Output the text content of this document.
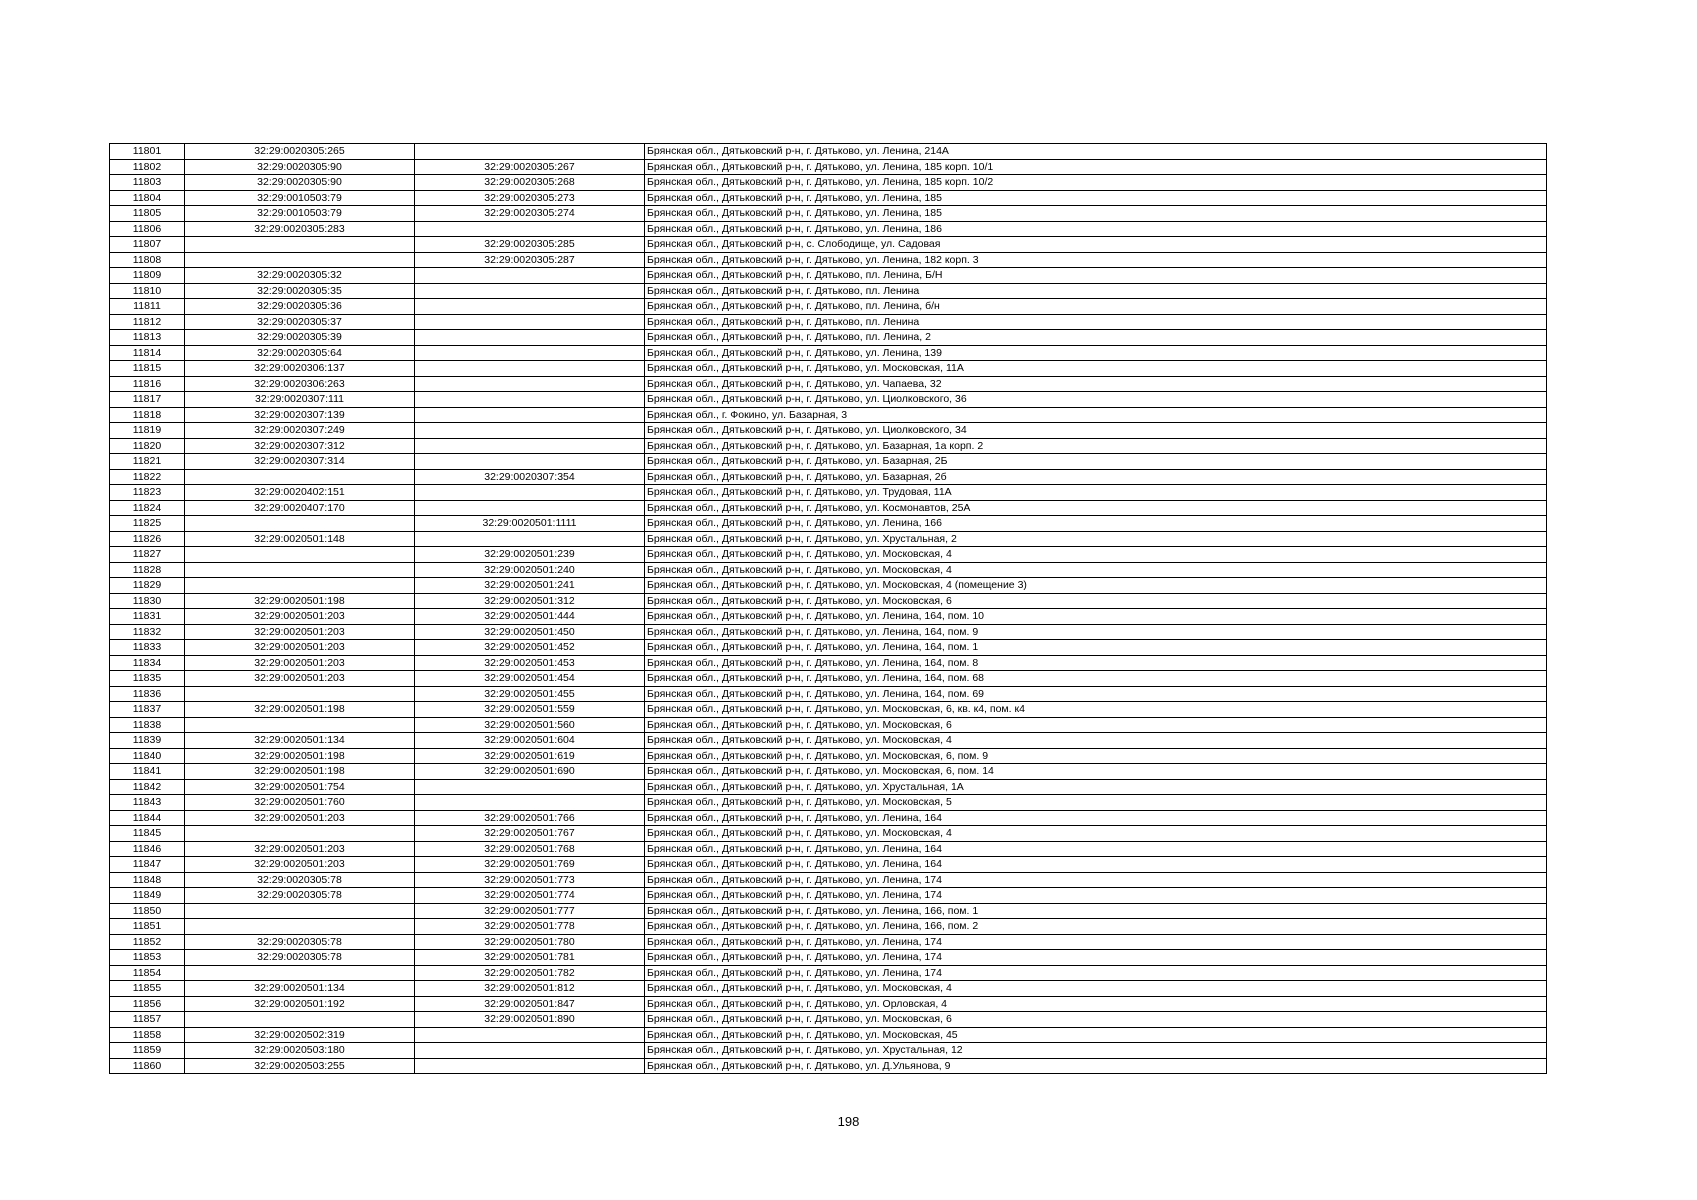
11801	32:29:0020305:265		Брянская обл., Дятьковский р-н, г. Дятьково, ул. Ленина, 214А
11802	32:29:0020305:90	32:29:0020305:267	Брянская обл., Дятьковский р-н, г. Дятьково, ул. Ленина, 185 корп. 10/1
11803	32:29:0020305:90	32:29:0020305:268	Брянская обл., Дятьковский р-н, г. Дятьково, ул. Ленина, 185 корп. 10/2
11804	32:29:0010503:79	32:29:0020305:273	Брянская обл., Дятьковский р-н, г. Дятьково, ул. Ленина, 185
11805	32:29:0010503:79	32:29:0020305:274	Брянская обл., Дятьковский р-н, г. Дятьково, ул. Ленина, 185
11806	32:29:0020305:283		Брянская обл., Дятьковский р-н, г. Дятьково, ул. Ленина, 186
11807		32:29:0020305:285	Брянская обл., Дятьковский р-н, с. Слободище, ул. Садовая
11808		32:29:0020305:287	Брянская обл., Дятьковский р-н, г. Дятьково, ул. Ленина, 182 корп. 3
11809	32:29:0020305:32		Брянская обл., Дятьковский р-н, г. Дятьково, пл. Ленина, Б/Н
11810	32:29:0020305:35		Брянская обл., Дятьковский р-н, г. Дятьково, пл. Ленина
11811	32:29:0020305:36		Брянская обл., Дятьковский р-н, г. Дятьково, пл. Ленина, б/н
11812	32:29:0020305:37		Брянская обл., Дятьковский р-н, г. Дятьково, пл. Ленина
11813	32:29:0020305:39		Брянская обл., Дятьковский р-н, г. Дятьково, пл. Ленина, 2
11814	32:29:0020305:64		Брянская обл., Дятьковский р-н, г. Дятьково, ул. Ленина, 139
11815	32:29:0020306:137		Брянская обл., Дятьковский р-н, г. Дятьково, ул. Московская, 11А
11816	32:29:0020306:263		Брянская обл., Дятьковский р-н, г. Дятьково, ул. Чапаева, 32
11817	32:29:0020307:111		Брянская обл., Дятьковский р-н, г. Дятьково, ул. Циолковского, 36
11818	32:29:0020307:139		Брянская обл., г. Фокино, ул. Базарная, 3
11819	32:29:0020307:249		Брянская обл., Дятьковский р-н, г. Дятьково, ул. Циолковского, 34
11820	32:29:0020307:312		Брянская обл., Дятьковский р-н, г. Дятьково, ул. Базарная, 1а корп. 2
11821	32:29:0020307:314		Брянская обл., Дятьковский р-н, г. Дятьково, ул. Базарная, 2Б
11822		32:29:0020307:354	Брянская обл., Дятьковский р-н, г. Дятьково, ул. Базарная, 2б
11823	32:29:0020402:151		Брянская обл., Дятьковский р-н, г. Дятьково, ул. Трудовая, 11А
11824	32:29:0020407:170		Брянская обл., Дятьковский р-н, г. Дятьково, ул. Космонавтов, 25А
11825		32:29:0020501:1111	Брянская обл., Дятьковский р-н, г. Дятьково, ул. Ленина, 166
11826	32:29:0020501:148		Брянская обл., Дятьковский р-н, г. Дятьково, ул. Хрустальная, 2
11827		32:29:0020501:239	Брянская обл., Дятьковский р-н, г. Дятьково, ул. Московская, 4
11828		32:29:0020501:240	Брянская обл., Дятьковский р-н, г. Дятьково, ул. Московская, 4
11829		32:29:0020501:241	Брянская обл., Дятьковский р-н, г. Дятьково, ул. Московская, 4 (помещение 3)
11830	32:29:0020501:198	32:29:0020501:312	Брянская обл., Дятьковский р-н, г. Дятьково, ул. Московская, 6
11831	32:29:0020501:203	32:29:0020501:444	Брянская обл., Дятьковский р-н, г. Дятьково, ул. Ленина, 164, пом. 10
11832	32:29:0020501:203	32:29:0020501:450	Брянская обл., Дятьковский р-н, г. Дятьково, ул. Ленина, 164, пом. 9
11833	32:29:0020501:203	32:29:0020501:452	Брянская обл., Дятьковский р-н, г. Дятьково, ул. Ленина, 164, пом. 1
11834	32:29:0020501:203	32:29:0020501:453	Брянская обл., Дятьковский р-н, г. Дятьково, ул. Ленина, 164, пом. 8
11835	32:29:0020501:203	32:29:0020501:454	Брянская обл., Дятьковский р-н, г. Дятьково, ул. Ленина, 164, пом. 68
11836		32:29:0020501:455	Брянская обл., Дятьковский р-н, г. Дятьково, ул. Ленина, 164, пом. 69
11837	32:29:0020501:198	32:29:0020501:559	Брянская обл., Дятьковский р-н, г. Дятьково, ул. Московская, 6, кв. к4, пом. к4
11838		32:29:0020501:560	Брянская обл., Дятьковский р-н, г. Дятьково, ул. Московская, 6
11839	32:29:0020501:134	32:29:0020501:604	Брянская обл., Дятьковский р-н, г. Дятьково, ул. Московская, 4
11840	32:29:0020501:198	32:29:0020501:619	Брянская обл., Дятьковский р-н, г. Дятьково, ул. Московская, 6, пом. 9
11841	32:29:0020501:198	32:29:0020501:690	Брянская обл., Дятьковский р-н, г. Дятьково, ул. Московская, 6, пом. 14
11842	32:29:0020501:754		Брянская обл., Дятьковский р-н, г. Дятьково, ул. Хрустальная, 1А
11843	32:29:0020501:760		Брянская обл., Дятьковский р-н, г. Дятьково, ул. Московская, 5
11844	32:29:0020501:203	32:29:0020501:766	Брянская обл., Дятьковский р-н, г. Дятьково, ул. Ленина, 164
11845		32:29:0020501:767	Брянская обл., Дятьковский р-н, г. Дятьково, ул. Московская, 4
11846	32:29:0020501:203	32:29:0020501:768	Брянская обл., Дятьковский р-н, г. Дятьково, ул. Ленина, 164
11847	32:29:0020501:203	32:29:0020501:769	Брянская обл., Дятьковский р-н, г. Дятьково, ул. Ленина, 164
11848	32:29:0020305:78	32:29:0020501:773	Брянская обл., Дятьковский р-н, г. Дятьково, ул. Ленина, 174
11849	32:29:0020305:78	32:29:0020501:774	Брянская обл., Дятьковский р-н, г. Дятьково, ул. Ленина, 174
11850		32:29:0020501:777	Брянская обл., Дятьковский р-н, г. Дятьково, ул. Ленина, 166, пом. 1
11851		32:29:0020501:778	Брянская обл., Дятьковский р-н, г. Дятьково, ул. Ленина, 166, пом. 2
11852	32:29:0020305:78	32:29:0020501:780	Брянская обл., Дятьковский р-н, г. Дятьково, ул. Ленина, 174
11853	32:29:0020305:78	32:29:0020501:781	Брянская обл., Дятьковский р-н, г. Дятьково, ул. Ленина, 174
11854		32:29:0020501:782	Брянская обл., Дятьковский р-н, г. Дятьково, ул. Ленина, 174
11855	32:29:0020501:134	32:29:0020501:812	Брянская обл., Дятьковский р-н, г. Дятьково, ул. Московская, 4
11856	32:29:0020501:192	32:29:0020501:847	Брянская обл., Дятьковский р-н, г. Дятьково, ул. Орловская, 4
11857		32:29:0020501:890	Брянская обл., Дятьковский р-н, г. Дятьково, ул. Московская, 6
11858	32:29:0020502:319		Брянская обл., Дятьковский р-н, г. Дятьково, ул. Московская, 45
11859	32:29:0020503:180		Брянская обл., Дятьковский р-н, г. Дятьково, ул. Хрустальная, 12
11860	32:29:0020503:255		Брянская обл., Дятьковский р-н, г. Дятьково, ул. Д.Ульянова, 9
198
